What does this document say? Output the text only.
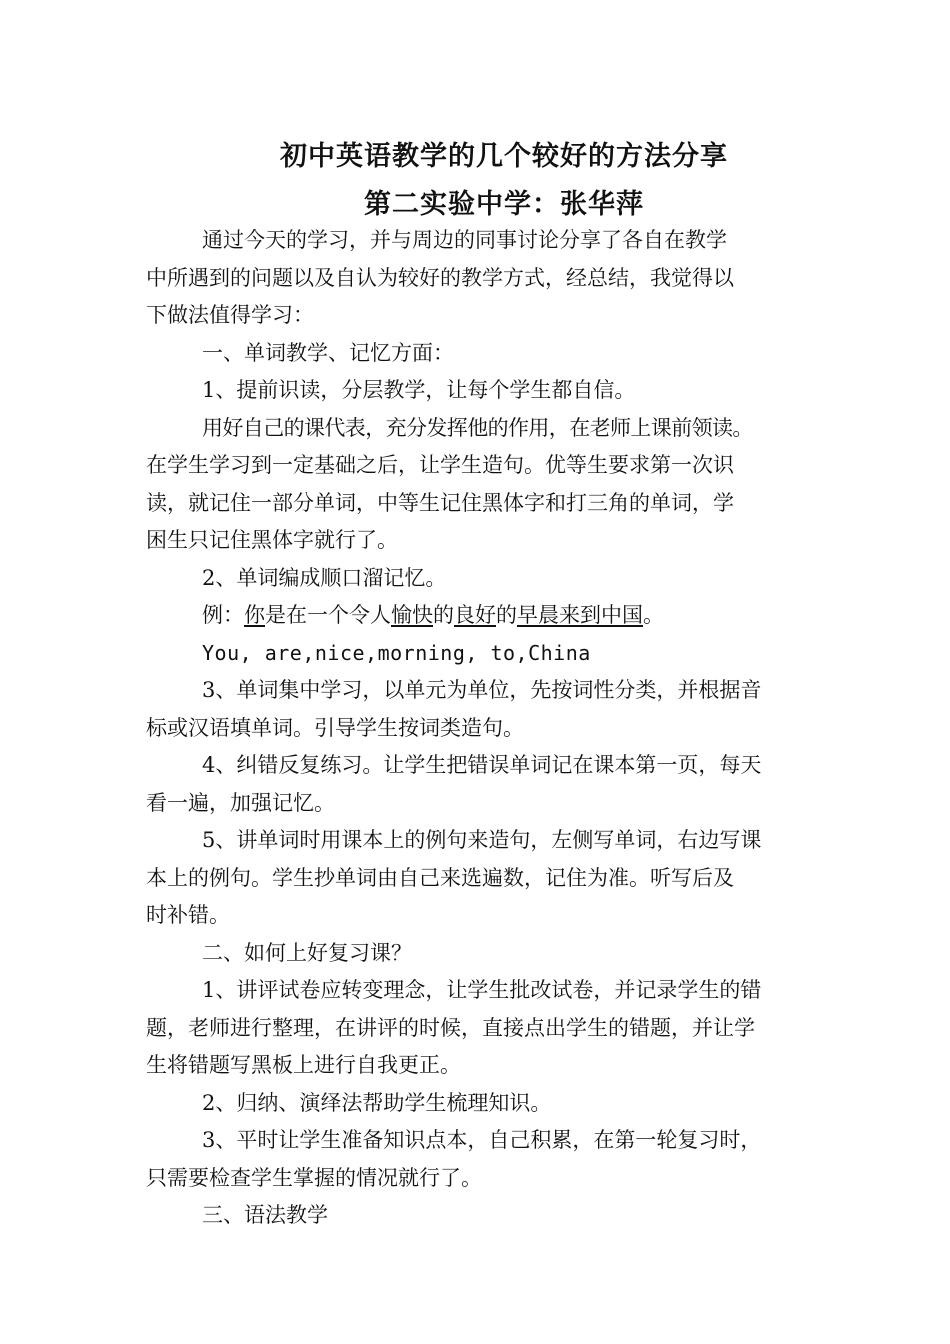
初中英语教学的几个较好的方法分享
第二实验中学：张华萍
通过今天的学习，并与周边的同事讨论分享了各自在教学
中所遇到的问题以及自认为较好的教学方式，经总结，我觉得以
下做法值得学习：
一、单词教学、记忆方面：
1、提前识读，分层教学，让每个学生都自信。
用好自己的课代表，充分发挥他的作用，在老师上课前领读。
在学生学习到一定基础之后，让学生造句。优等生要求第一次识
读，就记住一部分单词，中等生记住黑体字和打三角的单词，学
困生只记住黑体字就行了。
2、单词编成顺口溜记忆。
例：你是在一个令人愉快的良好的早晨来到中国。
You, are,nice,morning, to,China
3、单词集中学习，以单元为单位，先按词性分类，并根据音
标或汉语填单词。引导学生按词类造句。
4、纠错反复练习。让学生把错误单词记在课本第一页，每天
看一遍，加强记忆。
5、讲单词时用课本上的例句来造句，左侧写单词，右边写课
本上的例句。学生抄单词由自己来选遍数，记住为准。听写后及
时补错。
二、如何上好复习课？
1、讲评试卷应转变理念，让学生批改试卷，并记录学生的错
题，老师进行整理，在讲评的时候，直接点出学生的错题，并让学
生将错题写黑板上进行自我更正。
2、归纳、演绎法帮助学生梳理知识。
3、平时让学生准备知识点本，自己积累，在第一轮复习时，
只需要检查学生掌握的情况就行了。
三、语法教学
